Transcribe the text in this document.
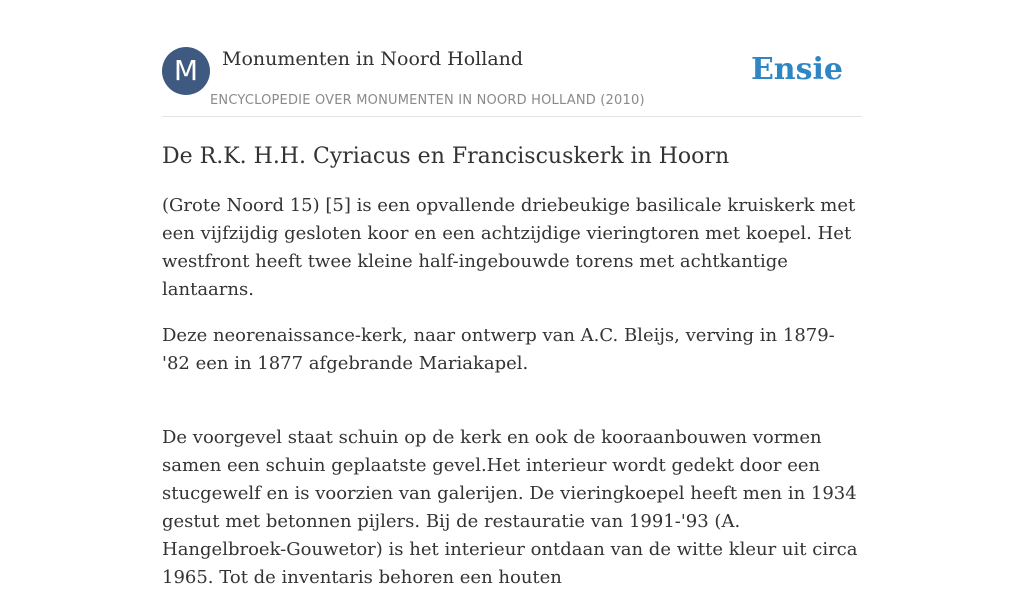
M	Monumenten in Noord Holland
ENCYCLOPEDIE OVER MONUMENTEN IN NOORD HOLLAND (2010)
Ensie
De R.K. H.H. Cyriacus en Franciscuskerk in Hoorn

(Grote Noord 15) [5] is een opvallende driebeukige basilicale kruiskerk met een vijfzijdig gesloten koor en een achtzijdige vieringtoren met koepel. Het westfront heeft twee kleine half-ingebouwde torens met achtkantige lantaarns.

Deze neorenaissance-kerk, naar ontwerp van A.C. Bleijs, verving in 1879-'82 een in 1877 afgebrande Mariakapel.

De voorgevel staat schuin op de kerk en ook de kooraanbouwen vormen samen een schuin geplaatste gevel.Het interieur wordt gedekt door een stucgewelf en is voorzien van galerijen. De vieringkoepel heeft men in 1934 gestut met betonnen pijlers. Bij de restauratie van 1991-'93 (A. Hangelbroek-Gouwetor) is het interieur ontdaan van de witte kleur uit circa 1965. Tot de inventaris behoren een houten
